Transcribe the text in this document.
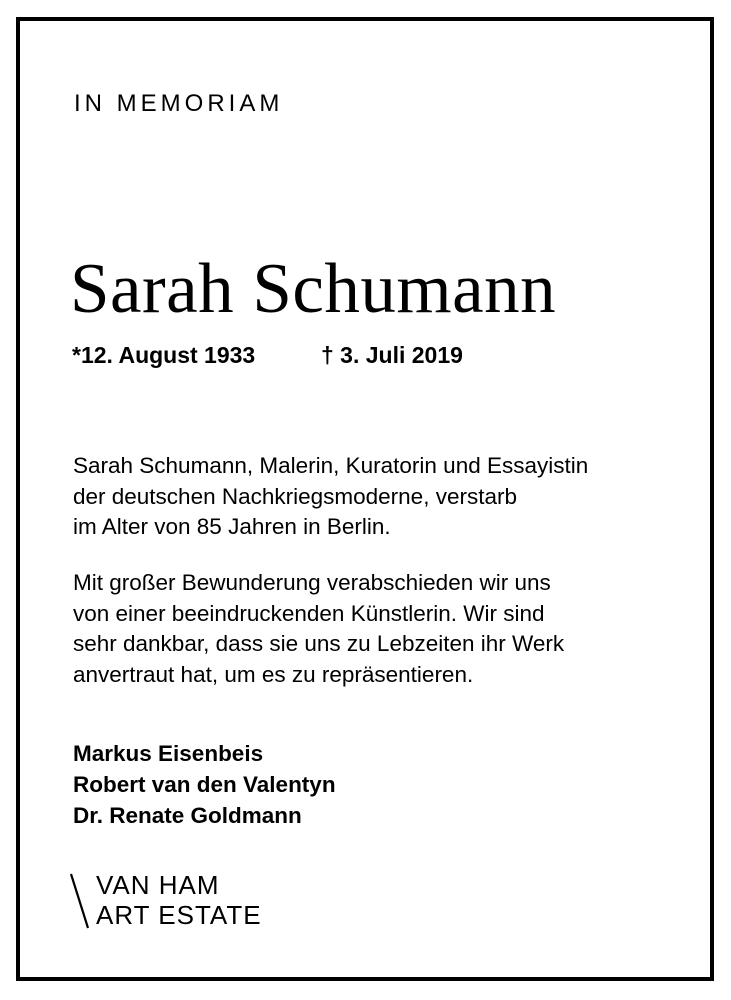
IN MEMORIAM
Sarah Schumann
*12. August 1933	† 3. Juli 2019
Sarah Schumann, Malerin, Kuratorin und Essayistin
der deutschen Nachkriegsmoderne, verstarb
im Alter von 85 Jahren in Berlin.
Mit großer Bewunderung verabschieden wir uns
von einer beeindruckenden Künstlerin. Wir sind
sehr dankbar, dass sie uns zu Lebzeiten ihr Werk
anvertraut hat, um es zu repräsentieren.
Markus Eisenbeis
Robert van den Valentyn
Dr. Renate Goldmann
VAN HAM
ART ESTATE
